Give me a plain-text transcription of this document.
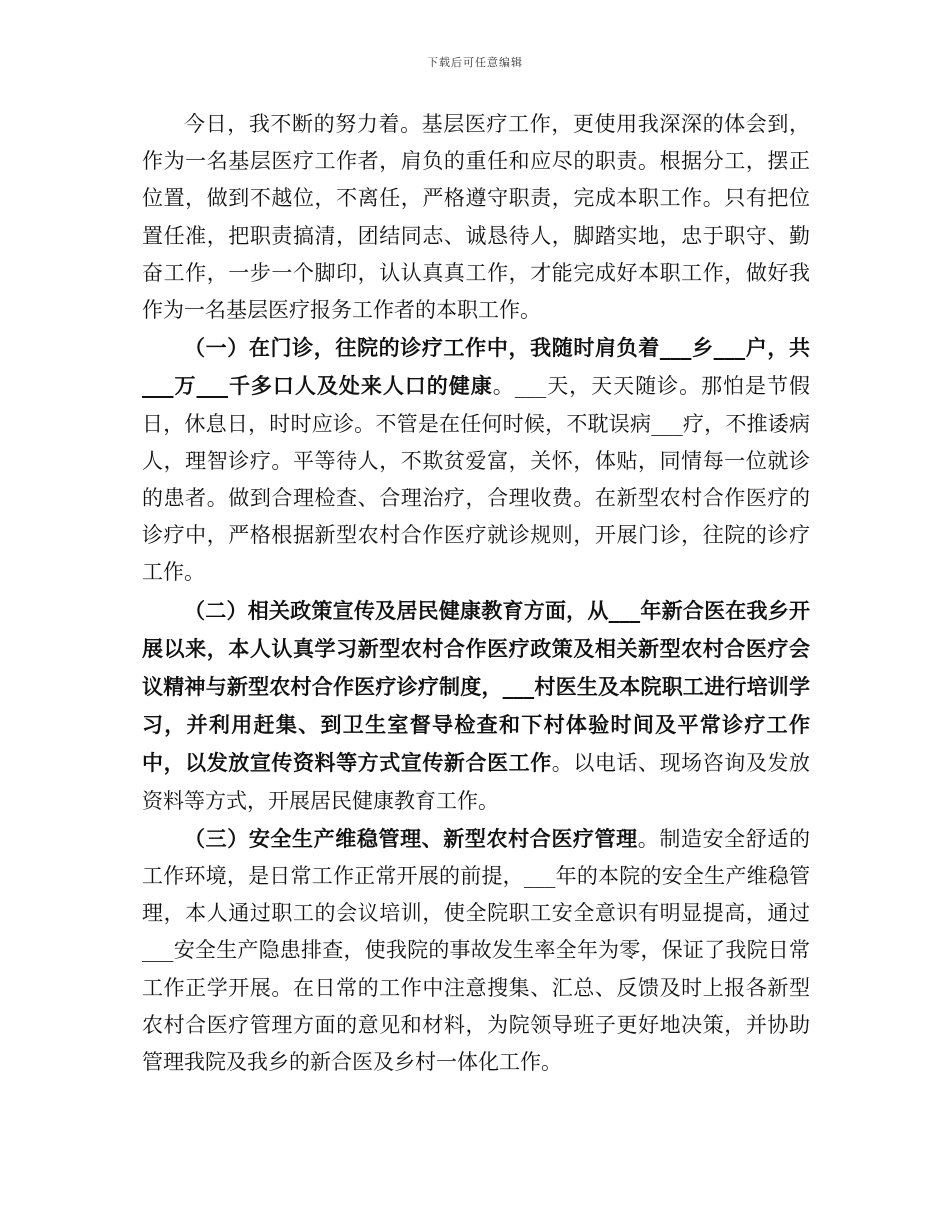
下载后可任意编辑

今日，我不断的努力着。基层医疗工作，更使用我深深的体会到，作为一名基层医疗工作者，肩负的重任和应尽的职责。根据分工，摆正位置，做到不越位，不离任，严格遵守职责，完成本职工作。只有把位置任准，把职责搞清，团结同志、诚恳待人，脚踏实地，忠于职守、勤奋工作，一步一个脚印，认认真真工作，才能完成好本职工作，做好我作为一名基层医疗报务工作者的本职工作。

（一）在门诊，往院的诊疗工作中，我随时肩负着___乡___户，共___万___千多口人及处来人口的健康。___天，天天随诊。那怕是节假日，休息日，时时应诊。不管是在任何时候，不耽误病___疗，不推诿病人，理智诊疗。平等待人，不欺贫爱富，关怀，体贴，同情每一位就诊的患者。做到合理检查、合理治疗，合理收费。在新型农村合作医疗的诊疗中，严格根据新型农村合作医疗就诊规则，开展门诊，往院的诊疗工作。

（二）相关政策宣传及居民健康教育方面，从___年新合医在我乡开展以来，本人认真学习新型农村合作医疗政策及相关新型农村合医疗会议精神与新型农村合作医疗诊疗制度，___村医生及本院职工进行培训学习，并利用赶集、到卫生室督导检查和下村体验时间及平常诊疗工作中，以发放宣传资料等方式宣传新合医工作。以电话、现场咨询及发放资料等方式，开展居民健康教育工作。

（三）安全生产维稳管理、新型农村合医疗管理。制造安全舒适的工作环境，是日常工作正常开展的前提，___年的本院的安全生产维稳管理，本人通过职工的会议培训，使全院职工安全意识有明显提高，通过___安全生产隐患排查，使我院的事故发生率全年为零，保证了我院日常工作正学开展。在日常的工作中注意搜集、汇总、反馈及时上报各新型农村合医疗管理方面的意见和材料，为院领导班子更好地决策，并协助管理我院及我乡的新合医及乡村一体化工作。
